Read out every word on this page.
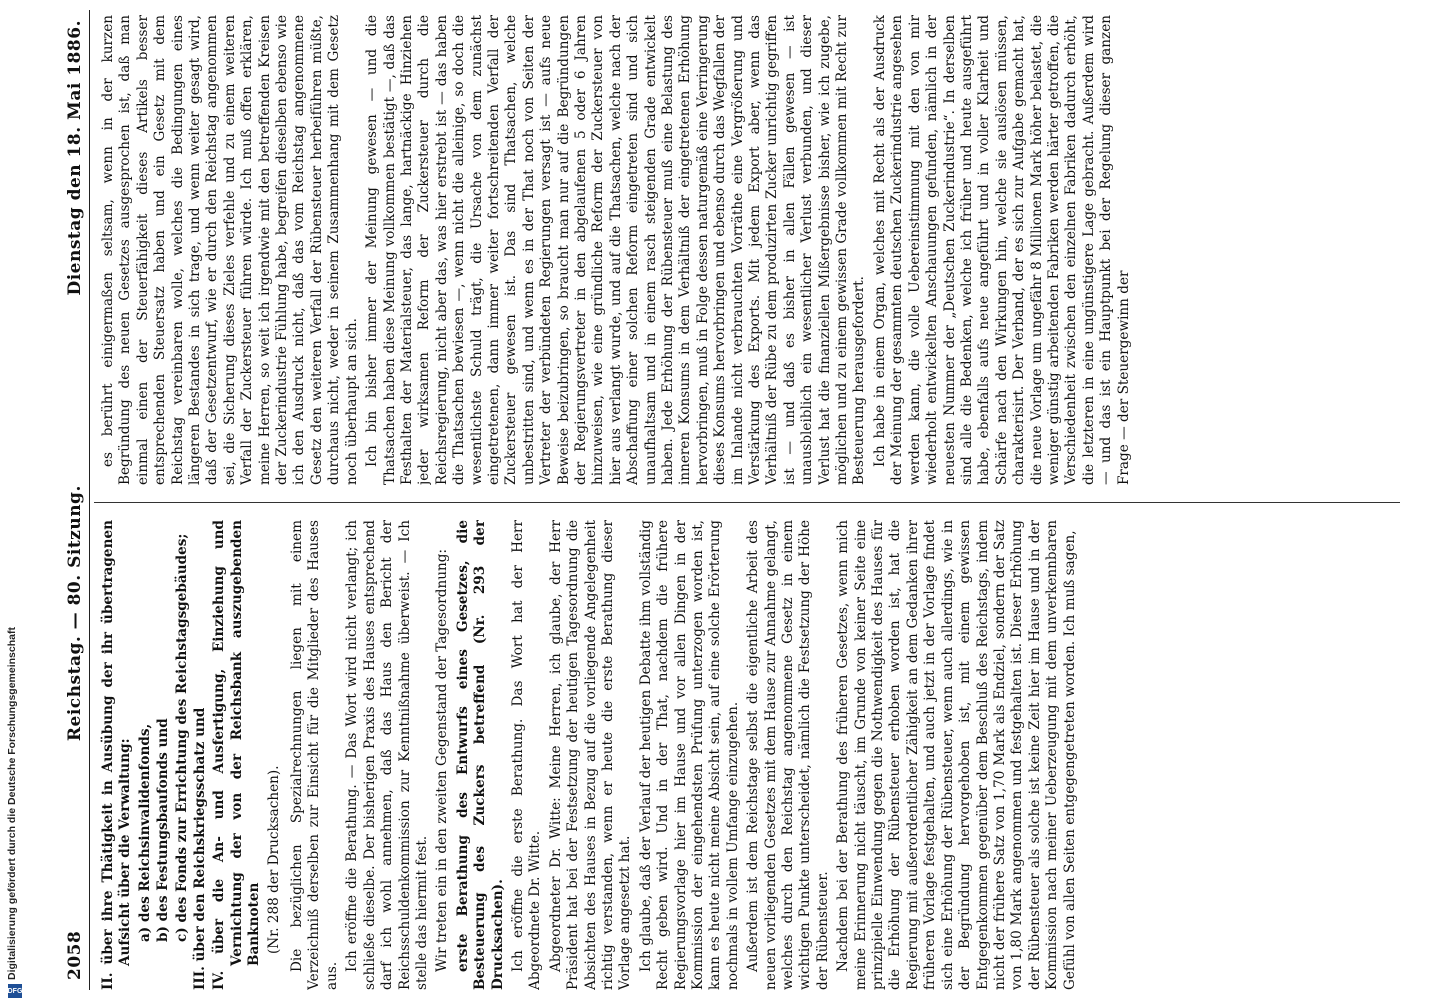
2058
Reichstag. — 80. Sitzung.
Dienstag den 18. Mai 1886.
II. über ihre Thätigkeit in Ausübung der ihr übertragenen Aufsicht über die Verwaltung: a) des Reichsinvalidenfonds, b) des Festungsbaufonds und c) des Fonds zur Errichtung des Reichstagsgebäudes; III. über den Reichskriegsschatz und IV. über die An- und Ausfertigung, Einziehung und Vernichtung der von der Reichsbank auszugebenden Banknoten (Nr. 288 der Drucksachen). Die bezüglichen Spezialrechnungen liegen mit einem Verzeichniß derselben zur Einsicht für die Mitglieder des Hauses aus.

Ich eröffne die Berathung. — Das Wort wird nicht verlangt; ich schließe dieselbe. Der bisherigen Praxis des Hauses entsprechend darf ich wohl annehmen, daß das Haus den Bericht der Reichsschuldenkommission zur Kenntnißnahme überweist. — Ich stelle das hiermit fest. Wir treten ein in den zweiten Gegenstand der Tagesordnung: erste Berathung des Entwurfs eines Gesetzes, die Besteuerung des Zuckers betreffend (Nr. 293 der Drucksachen). Ich eröffne die erste Berathung. Das Wort hat der Herr Abgeordnete Dr. Witte. Abgeordneter Dr. Witte: Meine Herren, ich glaube, der Herr Präsident hat bei der Festsetzung der heutigen Tagesordnung die Absichten des Hauses in Bezug auf die vorliegende Angelegenheit richtig verstanden, wenn er heute die erste Berathung dieser Vorlage angesetzt hat. Ich glaube, daß der Verlauf der heutigen Debatte ihm vollständig Recht geben wird. Und in der That, nachdem die frühere Regierungsvorlage hier im Hause und vor allen Dingen in der Kommission der eingehendsten Prüfung unterzogen worden ist, kann es heute nicht meine Absicht sein, auf eine solche Erörterung nochmals in vollem Umfange einzugehen. Außerdem ist dem Reichstage selbst die eigentliche Arbeit des neuen vorliegenden Gesetzes mit dem Hause zur Annahme gelangt, welches durch den Reichstag angenommene Gesetz in einem wichtigen Punkte unterscheidet, nämlich die Festsetzung der Höhe der Rübensteuer. Nachdem bei der Berathung des früheren Gesetzes, wenn mich meine Erinnerung nicht täuscht, im Grunde von keiner Seite eine prinzipielle Einwendung gegen die Nothwendigkeit des Hauses für die Erhöhung der Rübensteuer erhoben worden ist, hat die Regierung mit außerordentlicher Zähigkeit an dem Gedanken ihrer früheren Vorlage festgehalten, und auch jetzt in der Vorlage findet sich eine Erhöhung der Rübensteuer, wenn auch allerdings, wie in der Begründung hervorgehoben ist, mit einem gewissen Entgegenkommen gegenüber dem Beschluß des Reichstags, indem nicht der frühere Satz von 1,70 Mark als Endziel, sondern der Satz von 1,80 Mark angenommen und festgehalten ist. Dieser Erhöhung der Rübensteuer als solche ist keine Zeit hier im Hause und in der Kommission nach meiner Ueberzeugung mit dem unverkennbaren Gefühl von allen Seiten entgegengetreten worden. Ich muß sagen,

es berührt einigermaßen seltsam, wenn in der kurzen Begründung des neuen Gesetzes ausgesprochen ist, daß man einmal einen der Steuerfähigkeit dieses Artikels besser entsprechenden Steuersatz haben und ein Gesetz mit dem Reichstag vereinbaren wolle, welches die Bedingungen eines längeren Bestandes in sich trage, und wenn weiter gesagt wird, daß der Gesetzentwurf, wie er durch den Reichstag angenommen sei, die Sicherung dieses Zieles verfehle und zu einem weiteren Verfall der Zuckersteuer führen würde. Ich muß offen erklären, meine Herren, so weit ich irgendwie mit den betreffenden Kreisen der Zuckerindustrie Fühlung habe, begreifen dieselben ebenso wie ich den Ausdruck nicht, daß das vom Reichstag angenommene Gesetz den weiteren Verfall der Rübensteuer herbeiführen müßte, durchaus nicht, weder in seinem Zusammenhang mit dem Gesetz noch überhaupt an sich. Ich bin bisher immer der Meinung gewesen — und die Thatsachen haben diese Meinung vollkommen bestätigt —, daß das Festhalten der Materialsteuer, das lange, hartnäckige Hinziehen jeder wirksamen Reform der Zuckersteuer durch die Reichsregierung, nicht aber das, was hier erstrebt ist — das haben die Thatsachen bewiesen —, wenn nicht die alleinige, so doch die wesentlichste Schuld trägt, die Ursache von dem zunächst eingetretenen, dann immer weiter fortschreitenden Verfall der Zuckersteuer gewesen ist. Das sind Thatsachen, welche unbestritten sind, und wenn es in der That noch von Seiten der Vertreter der verbündeten Regierungen versagt ist — aufs neue Beweise beizubringen, so braucht man nur auf die Begründungen der Regierungsvertreter in den abgelaufenen 5 oder 6 Jahren hinzuweisen, wie eine gründliche Reform der Zuckersteuer von hier aus verlangt wurde, und auf die Thatsachen, welche nach der Abschaffung einer solchen Reform eingetreten sind und sich unaufhaltsam und in einem rasch steigenden Grade entwickelt haben. Jede Erhöhung der Rübensteuer muß eine Belastung des inneren Konsums in dem Verhältniß der eingetretenen Erhöhung hervorbringen, muß in Folge dessen naturgemäß eine Verringerung dieses Konsums hervorbringen und ebenso durch das Wegfallen der im Inlande nicht verbrauchten Vorräthe eine Vergrößerung und Verstärkung des Exports. Mit jedem Export aber, wenn das Verhältniß der Rübe zu dem produzirten Zucker unrichtig gegriffen ist — und daß es bisher in allen Fällen gewesen — ist unausbleiblich ein wesentlicher Verlust verbunden, und dieser Verlust hat die finanziellen Mißergebnisse bisher, wie ich zugebe, möglichen und zu einem gewissen Grade vollkommen mit Recht zur Besteuerung herausgefordert. Ich habe in einem Organ, welches mit Recht als der Ausdruck der Meinung der gesammten deutschen Zuckerindustrie angesehen werden kann, die volle Uebereinstimmung mit den von mir wiederholt entwickelten Anschauungen gefunden, nämlich in der neuesten Nummer der „Deutschen Zuckerindustrie“. In derselben sind alle die Bedenken, welche ich früher und heute ausgeführt habe, ebenfalls aufs neue angeführt und in voller Klarheit und Schärfe nach den Wirkungen hin, welche sie auslösen müssen, charakterisirt. Der Verband, der es sich zur Aufgabe gemacht hat, die neue Vorlage um ungefähr 8 Millionen Mark höher belastet, die weniger günstig arbeitenden Fabriken werden härter getroffen, die Verschiedenheit zwischen den einzelnen Fabriken dadurch erhöht, die letzteren in eine ungünstigere Lage gebracht. Außerdem wird — und das ist ein Hauptpunkt bei der Regelung dieser ganzen Frage — der Steuergewinn der

DFG
Digitalisierung gefördert durch die Deutsche Forschungsgemeinschaft
